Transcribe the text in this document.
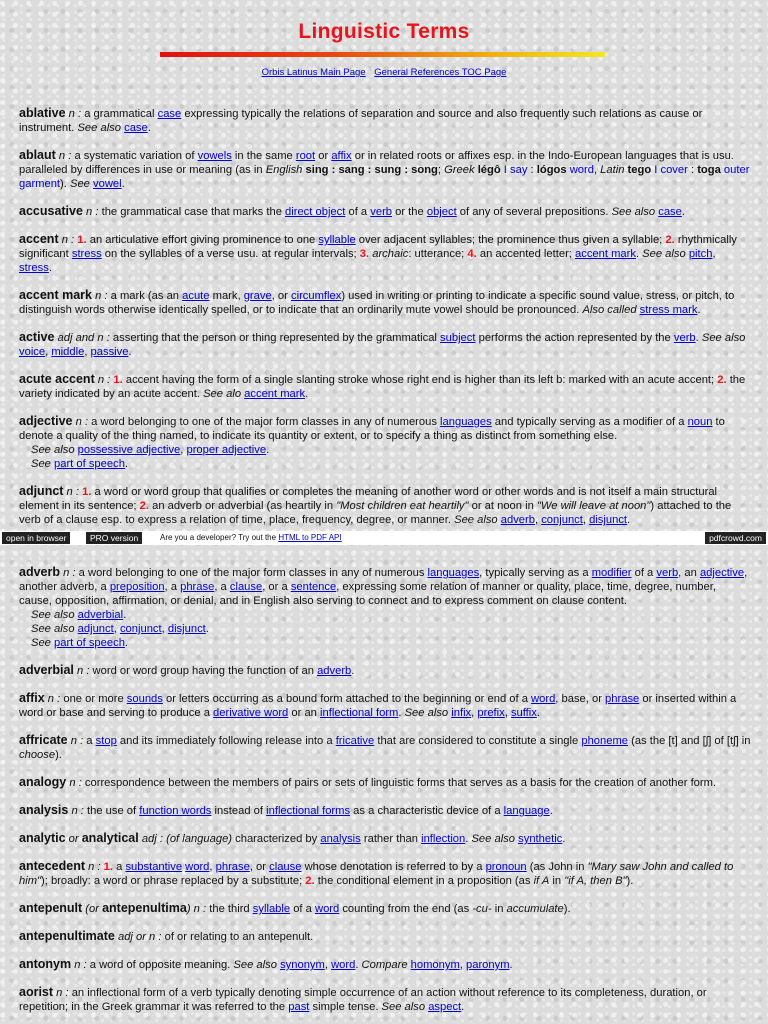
Linguistic Terms
Orbis Latinus Main Page General References TOC Page
ablative n : a grammatical case expressing typically the relations of separation and source and also frequently such relations as cause or instrument. See also case.
ablaut n : a systematic variation of vowels in the same root or affix or in related roots or affixes esp. in the Indo-European languages that is usu. paralleled by differences in use or meaning (as in English sing : sang : sung : song; Greek légô I say : lógos word, Latin tego I cover : toga outer garment). See vowel.
accusative n : the grammatical case that marks the direct object of a verb or the object of any of several prepositions. See also case.
accent n : 1. an articulative effort giving prominence to one syllable over adjacent syllables; the prominence thus given a syllable; 2. rhythmically significant stress on the syllables of a verse usu. at regular intervals; 3. archaic: utterance; 4. an accented letter; accent mark. See also pitch, stress.
accent mark n : a mark (as an acute mark, grave, or circumflex) used in writing or printing to indicate a specific sound value, stress, or pitch, to distinguish words otherwise identically spelled, or to indicate that an ordinarily mute vowel should be pronounced. Also called stress mark.
active adj and n : asserting that the person or thing represented by the grammatical subject performs the action represented by the verb. See also voice, middle, passive.
acute accent n : 1. accent having the form of a single slanting stroke whose right end is higher than its left b: marked with an acute accent; 2. the variety indicated by an acute accent. See alo accent mark.
adjective n : a word belonging to one of the major form classes in any of numerous languages and typically serving as a modifier of a noun to denote a quality of the thing named, to indicate its quantity or extent, or to specify a thing as distinct from something else.
See also possessive adjective, proper adjective.
See part of speech.
adjunct n : 1. a word or word group that qualifies or completes the meaning of another word or other words and is not itself a main structural element in its sentence; 2. an adverb or adverbial (as heartily in "Most children eat heartily" or at noon in "We will leave at noon") attached to the verb of a clause esp. to express a relation of time, place, frequency, degree, or manner. See also adverb, conjunct, disjunct.
open in browser	PRO version	Are you a developer? Try out the HTML to PDF API	pdfcrowd.com
adverb n : a word belonging to one of the major form classes in any of numerous languages, typically serving as a modifier of a verb, an adjective, another adverb, a preposition, a phrase, a clause, or a sentence, expressing some relation of manner or quality, place, time, degree, number, cause, opposition, affirmation, or denial, and in English also serving to connect and to express comment on clause content.
See also adverbial.
See also adjunct, conjunct, disjunct.
See part of speech.
adverbial n : word or word group having the function of an adverb.
affix n : one or more sounds or letters occurring as a bound form attached to the beginning or end of a word, base, or phrase or inserted within a word or base and serving to produce a derivative word or an inflectional form. See also infix, prefix, suffix.
affricate n : a stop and its immediately following release into a fricative that are considered to constitute a single phoneme (as the [t] and [ʃ] of [tʃ] in choose).
analogy n : correspondence between the members of pairs or sets of linguistic forms that serves as a basis for the creation of another form.
analysis n : the use of function words instead of inflectional forms as a characteristic device of a language.
analytic or analytical adj : (of language) characterized by analysis rather than inflection. See also synthetic.
antecedent n : 1. a substantive word, phrase, or clause whose denotation is referred to by a pronoun (as John in "Mary saw John and called to him"); broadly: a word or phrase replaced by a substitute; 2. the conditional element in a proposition (as if A in "if A, then B").
antepenult (or antepenultima) n : the third syllable of a word counting from the end (as -cu- in accumulate).
antepenultimate adj or n : of or relating to an antepenult.
antonym n : a word of opposite meaning. See also synonym, word. Compare homonym, paronym.
aorist n : an inflectional form of a verb typically denoting simple occurrence of an action without reference to its completeness, duration, or repetition; in the Greek grammar it was referred to the past simple tense. See also aspect.
